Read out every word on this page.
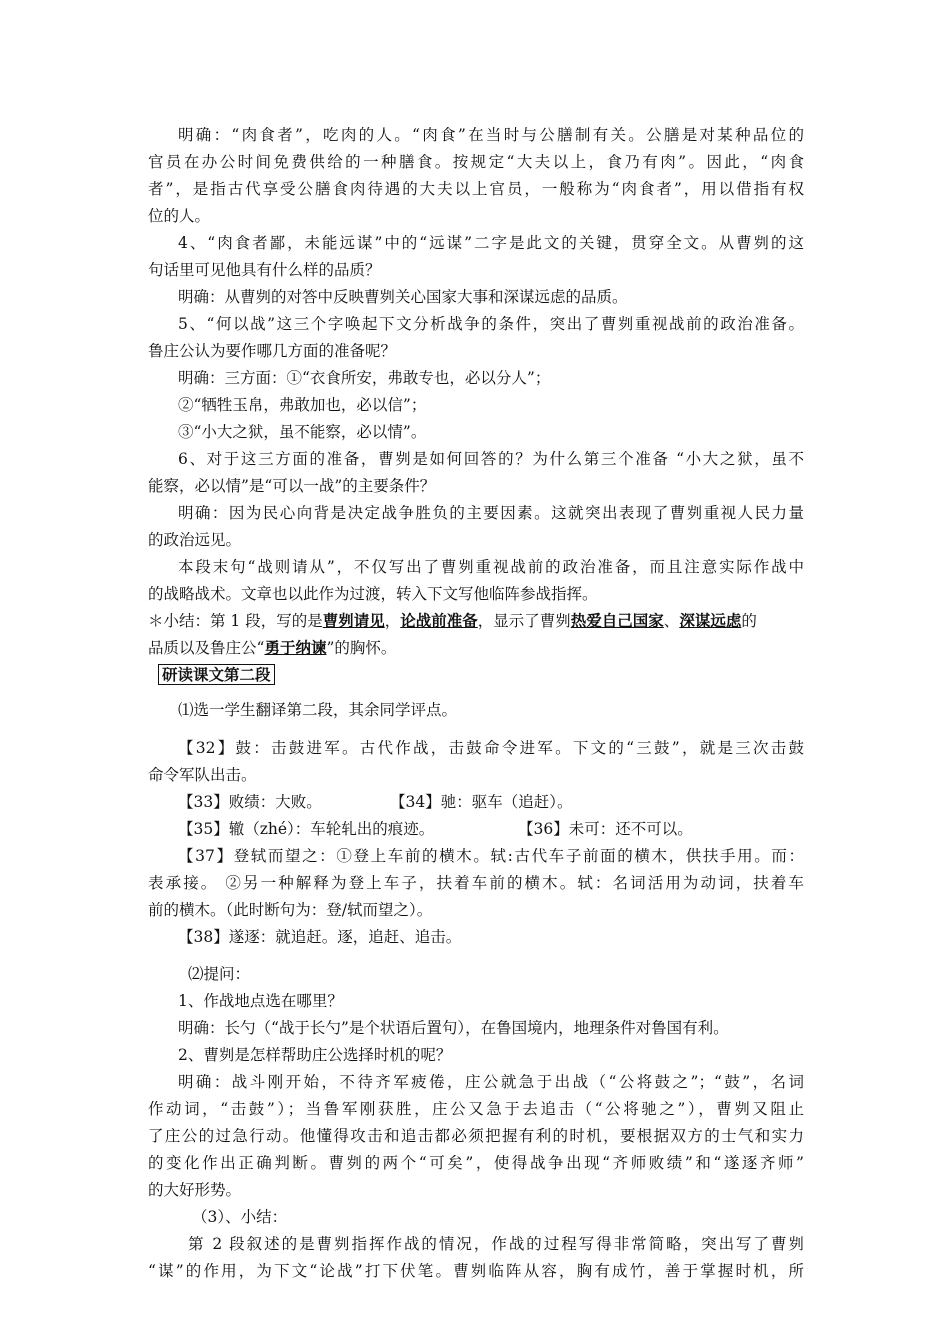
明确：“肉食者”，吃肉的人。“肉食”在当时与公膳制有关。公膳是对某种品位的
官员在办公时间免费供给的一种膳食。按规定“大夫以上，食乃有肉”。因此，“肉食
者”，是指古代享受公膳食肉待遇的大夫以上官员，一般称为“肉食者”，用以借指有权
位的人。
4、“肉食者鄙，未能远谋”中的“远谋”二字是此文的关键，贯穿全文。从曹刿的这
句话里可见他具有什么样的品质？
明确：从曹刿的对答中反映曹刿关心国家大事和深谋远虑的品质。
5、“何以战”这三个字唤起下文分析战争的条件，突出了曹刿重视战前的政治准备。
鲁庄公认为要作哪几方面的准备呢？
明确：三方面：①“衣食所安，弗敢专也，必以分人”；
②“牺牲玉帛，弗敢加也，必以信”；
③“小大之狱，虽不能察，必以情”。
6、对于这三方面的准备，曹刿是如何回答的？为什么第三个准备 “小大之狱，虽不
能察，必以情”是“可以一战”的主要条件？
明确：因为民心向背是决定战争胜负的主要因素。这就突出表现了曹刿重视人民力量
的政治远见。
本段末句“战则请从”，不仅写出了曹刿重视战前的政治准备，而且注意实际作战中
的战略战术。文章也以此作为过渡，转入下文写他临阵参战指挥。
＊小结：第 1 段，写的是曹刿请见，论战前准备，显示了曹刿热爱自己国家、深谋远虑的
品质以及鲁庄公“勇于纳谏”的胸怀。
研读课文第二段
⑴选一学生翻译第二段，其余同学评点。
【32】鼓：击鼓进军。古代作战，击鼓命令进军。下文的“三鼓”，就是三次击鼓
命令军队出击。
【33】败绩：大败。	【34】驰：驱车（追赶）。
【35】辙（zhé）：车轮轧出的痕迹。	【36】未可：还不可以。
【37】登轼而望之：①登上车前的横木。轼:古代车子前面的横木，供扶手用。而：
表承接。 ②另一种解释为登上车子，扶着车前的横木。轼：名词活用为动词，扶着车
前的横木。（此时断句为：登/轼而望之）。
【38】遂逐：就追赶。逐，追赶、追击。
⑵提问：
1、作战地点选在哪里？
明确：长勺（“战于长勺”是个状语后置句），在鲁国境内，地理条件对鲁国有利。
2、曹刿是怎样帮助庄公选择时机的呢？
明确：战斗刚开始，不待齐军疲倦，庄公就急于出战（“公将鼓之”；“鼓”，名词
作动词，“击鼓”）；当鲁军刚获胜，庄公又急于去追击（“公将驰之”），曹刿又阻止
了庄公的过急行动。他懂得攻击和追击都必须把握有利的时机，要根据双方的士气和实力
的变化作出正确判断。曹刿的两个“可矣”，使得战争出现“齐师败绩”和“遂逐齐师”
的大好形势。
（3）、小结：
第 2 段叙述的是曹刿指挥作战的情况，作战的过程写得非常简略，突出写了曹刿
“谋”的作用，为下文“论战”打下伏笔。曹刿临阵从容，胸有成竹，善于掌握时机，所
